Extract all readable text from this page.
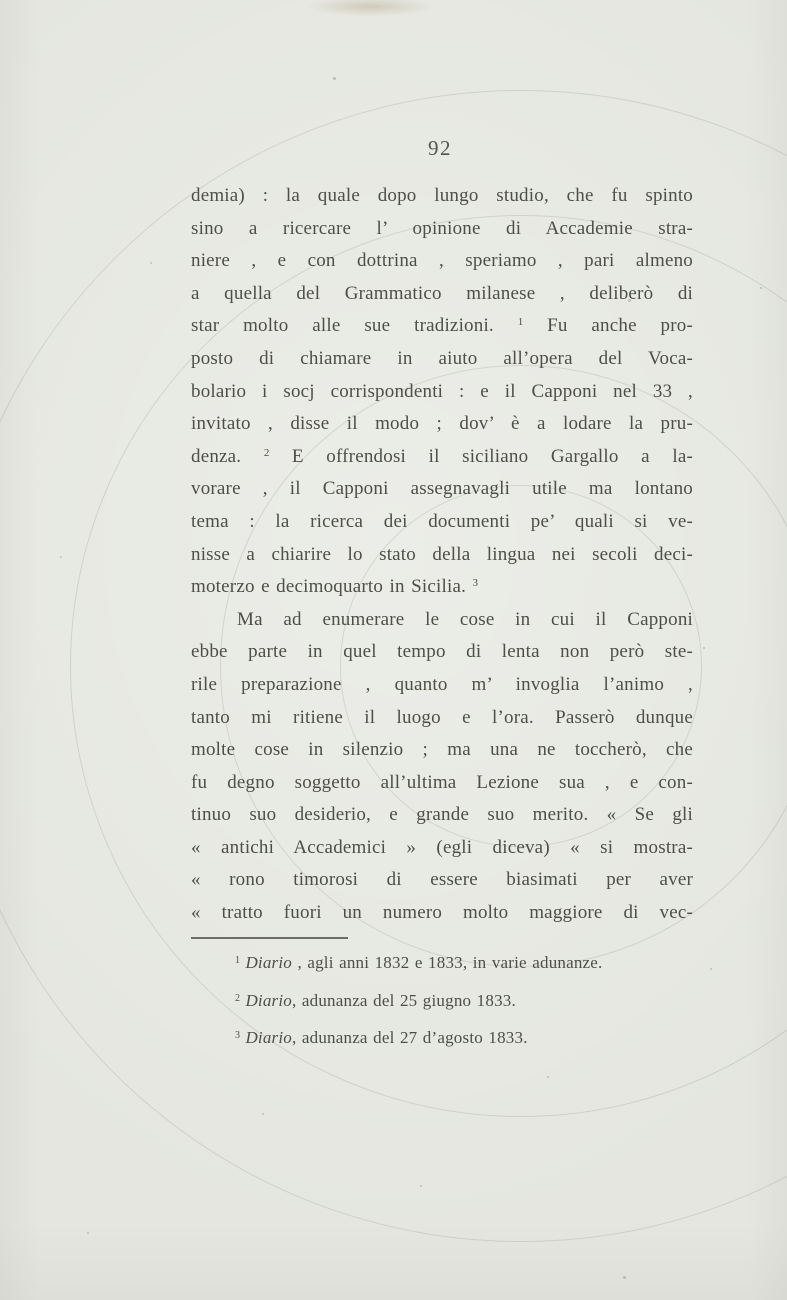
92
demia) : la quale dopo lungo studio, che fu spinto
sino a ricercare l’ opinione di Accademie stra-
niere , e con dottrina , speriamo , pari almeno
a quella del Grammatico milanese , deliberò di
star molto alle sue tradizioni. $^1$ Fu anche pro-
posto di chiamare in aiuto all’opera del Voca-
bolario i socj corrispondenti : e il Capponi nel 33 ,
invitato , disse il modo ; dov’ è a lodare la pru-
denza. $^2$ E offrendosi il siciliano Gargallo a la-
vorare , il Capponi assegnavagli utile ma lontano
tema : la ricerca dei documenti pe’ quali si ve-
nisse a chiarire lo stato della lingua nei secoli deci-
moterzo e decimoquarto in Sicilia. $^3$
Ma ad enumerare le cose in cui il Capponi
ebbe parte in quel tempo di lenta non però ste-
rile preparazione , quanto m’ invoglia l’animo ,
tanto mi ritiene il luogo e l’ora. Passerò dunque
molte cose in silenzio ; ma una ne toccherò, che
fu degno soggetto all’ultima Lezione sua , e con-
tinuo suo desiderio, e grande suo merito. « Se gli
« antichi Accademici » (egli diceva) « si mostra-
« rono timorosi di essere biasimati per aver
« tratto fuori un numero molto maggiore di vec-
$^1$ Diario , agli anni 1832 e 1833, in varie adunanze.
$^2$ Diario, adunanza del 25 giugno 1833.
$^3$ Diario, adunanza del 27 d’agosto 1833.
